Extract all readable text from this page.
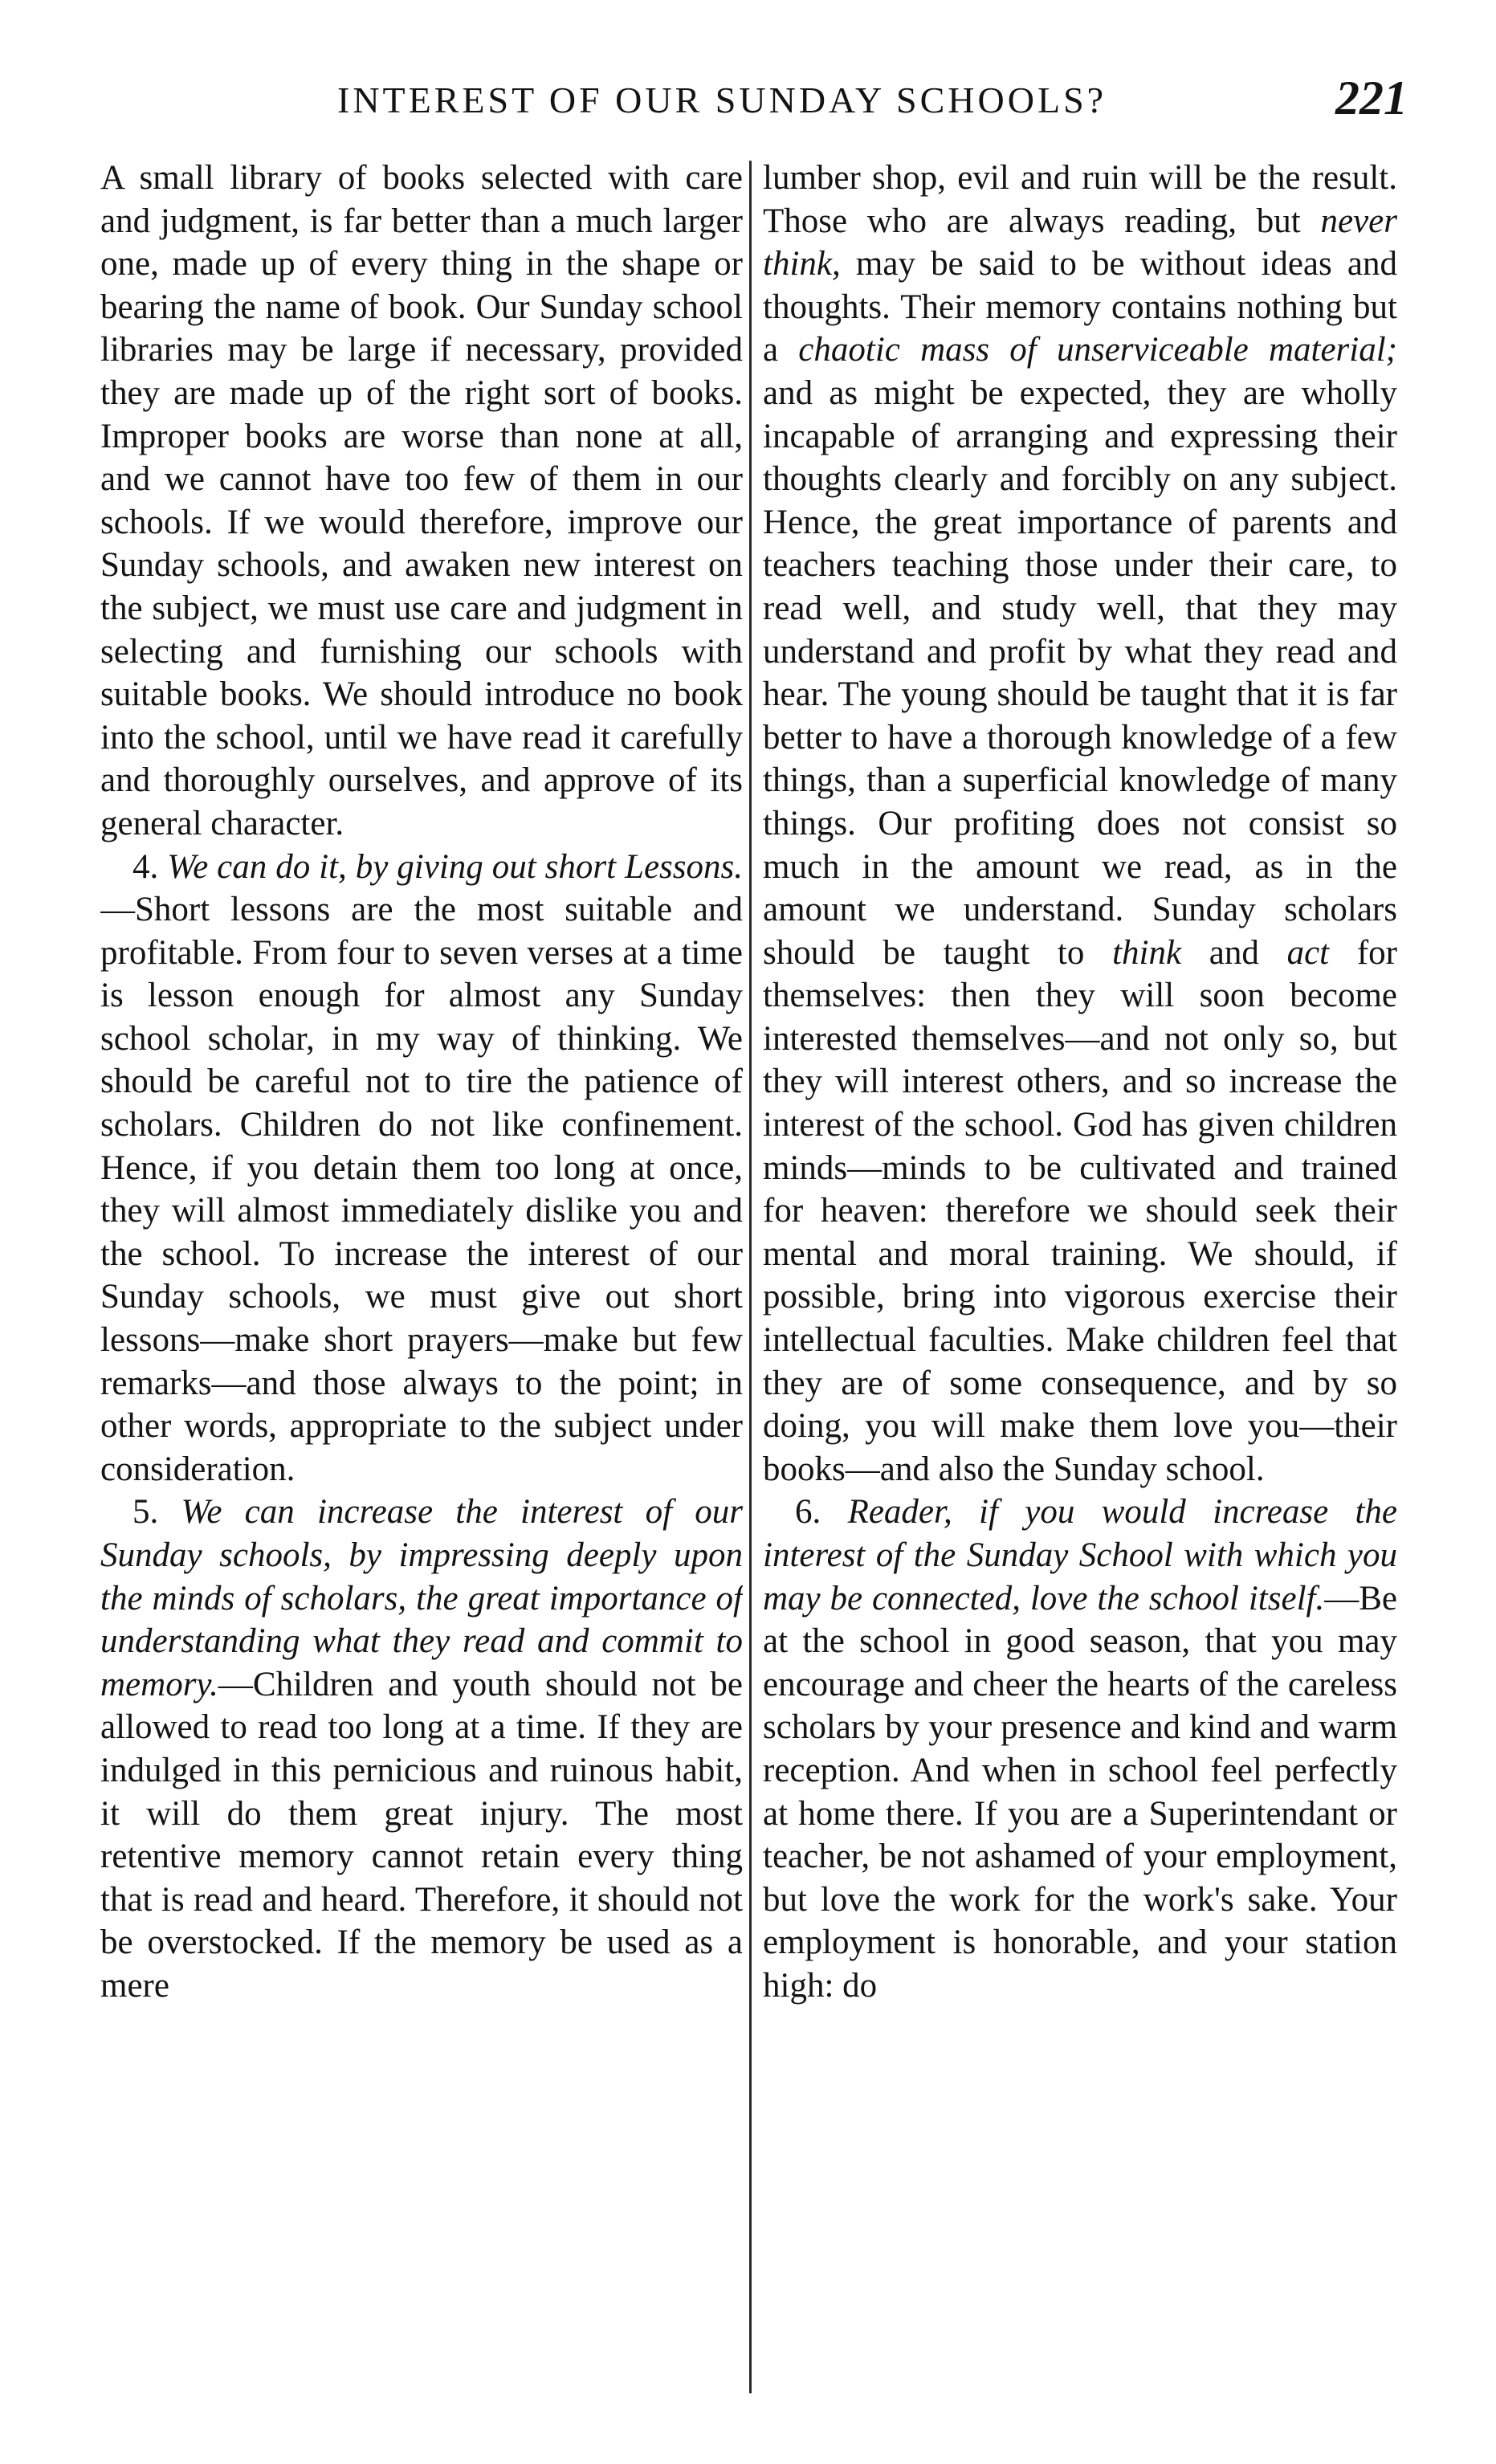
INTEREST OF OUR SUNDAY SCHOOLS?	221

A small library of books selected with care and judgment, is far better than a much larger one, made up of every thing in the shape or bearing the name of book. Our Sunday school libraries may be large if necessary, provided they are made up of the right sort of books. Improper books are worse than none at all, and we cannot have too few of them in our schools. If we would therefore, improve our Sunday schools, and awaken new interest on the subject, we must use care and judgment in selecting and furnishing our schools with suitable books. We should introduce no book into the school, until we have read it carefully and thoroughly ourselves, and approve of its general character.

4. We can do it, by giving out short Lessons.—Short lessons are the most suitable and profitable. From four to seven verses at a time is lesson enough for almost any Sunday school scholar, in my way of thinking. We should be careful not to tire the patience of scholars. Children do not like confinement. Hence, if you detain them too long at once, they will almost immediately dislike you and the school. To increase the interest of our Sunday schools, we must give out short lessons—make short prayers—make but few remarks—and those always to the point; in other words, appropriate to the subject under consideration.

5. We can increase the interest of our Sunday schools, by impressing deeply upon the minds of scholars, the great importance of understanding what they read and commit to memory.—Children and youth should not be allowed to read too long at a time. If they are indulged in this pernicious and ruinous habit, it will do them great injury. The most retentive memory cannot retain every thing that is read and heard. Therefore, it should not be overstocked. If the memory be used as a mere

lumber shop, evil and ruin will be the result. Those who are always reading, but never think, may be said to be without ideas and thoughts. Their memory contains nothing but a chaotic mass of unserviceable material; and as might be expected, they are wholly incapable of arranging and expressing their thoughts clearly and forcibly on any subject. Hence, the great importance of parents and teachers teaching those under their care, to read well, and study well, that they may understand and profit by what they read and hear. The young should be taught that it is far better to have a thorough knowledge of a few things, than a superficial knowledge of many things. Our profiting does not consist so much in the amount we read, as in the amount we understand. Sunday scholars should be taught to think and act for themselves: then they will soon become interested themselves—and not only so, but they will interest others, and so increase the interest of the school. God has given children minds—minds to be cultivated and trained for heaven: therefore we should seek their mental and moral training. We should, if possible, bring into vigorous exercise their intellectual faculties. Make children feel that they are of some consequence, and by so doing, you will make them love you—their books—and also the Sunday school.

6. Reader, if you would increase the interest of the Sunday School with which you may be connected, love the school itself.—Be at the school in good season, that you may encourage and cheer the hearts of the careless scholars by your presence and kind and warm reception. And when in school feel perfectly at home there. If you are a Superintendant or teacher, be not ashamed of your employment, but love the work for the work's sake. Your employment is honorable, and your station high: do
